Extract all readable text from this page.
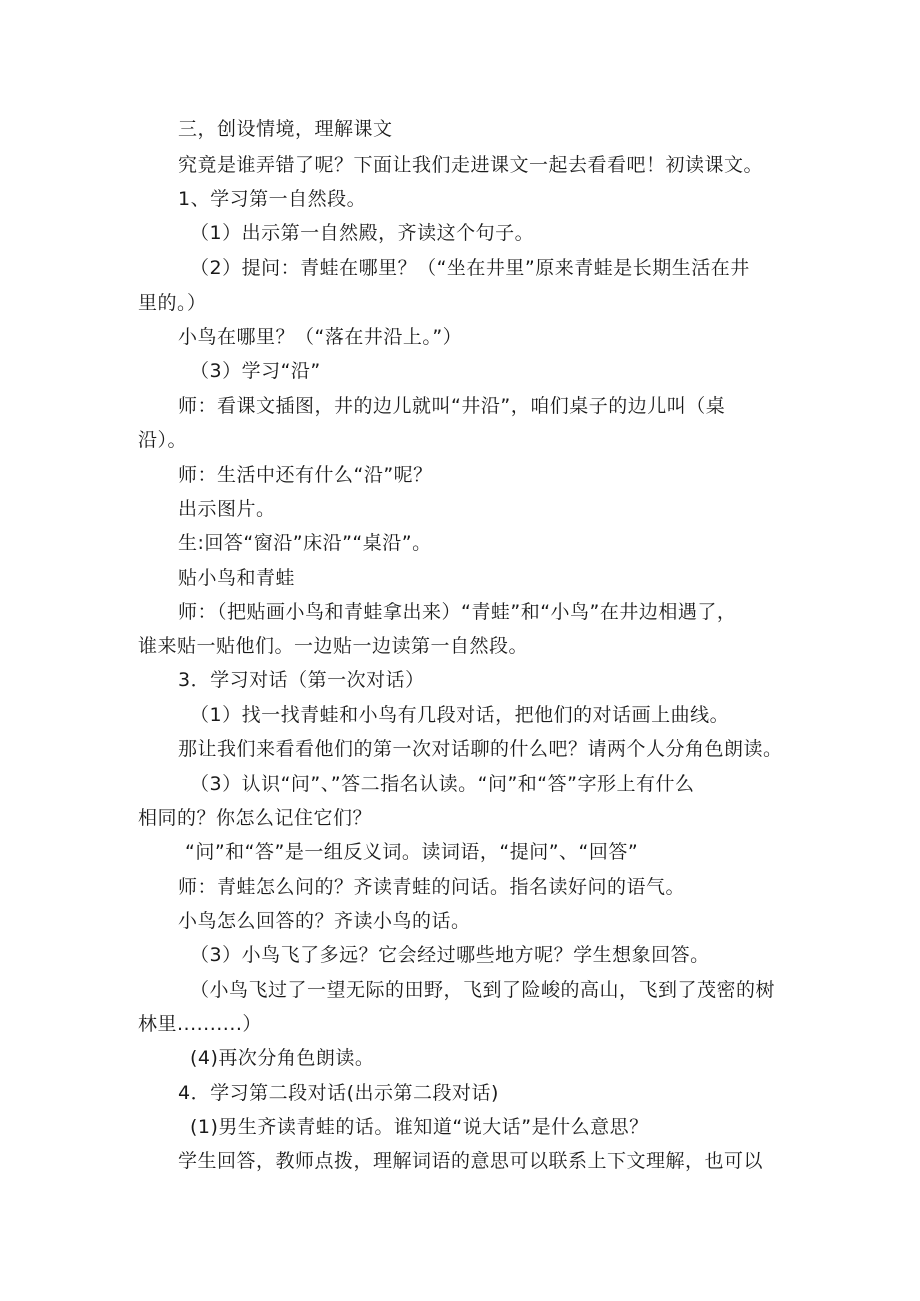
三，创设情境，理解课文
究竟是谁弄错了呢？下面让我们走进课文一起去看看吧！初读课文。
1、学习第一自然段。
（1）出示第一自然殿，齐读这个句子。
（2）提问：青蛙在哪里？（“坐在井里”原来青蛙是长期生活在井
里的。）
小鸟在哪里？（“落在井沿上。”）
（3）学习“沿”
师：看课文插图，井的边儿就叫“井沿”，咱们桌子的边儿叫（桌
沿）。
师：生活中还有什么“沿”呢？
出示图片。
生:回答“窗沿”床沿”“桌沿”。
贴小鸟和青蛙
师：（把贴画小鸟和青蛙拿出来）“青蛙”和“小鸟”在井边相遇了，
谁来贴一贴他们。一边贴一边读第一自然段。
3．学习对话（第一次对话）
（1）找一找青蛙和小鸟有几段对话，把他们的对话画上曲线。
那让我们来看看他们的第一次对话聊的什么吧？请两个人分角色朗读。
（3）认识“问”、”答二指名认读。“问”和“答”字形上有什么
相同的？你怎么记住它们？
“问”和“答”是一组反义词。读词语，“提问”、“回答”
师：青蛙怎么问的？齐读青蛙的问话。指名读好问的语气。
小鸟怎么回答的？齐读小鸟的话。
（3）小鸟飞了多远？它会经过哪些地方呢？学生想象回答。
（小鸟飞过了一望无际的田野，飞到了险峻的高山，飞到了茂密的树
林里..........）
(4)再次分角色朗读。
4．学习第二段对话(出示第二段对话)
(1)男生齐读青蛙的话。谁知道“说大话”是什么意思？
学生回答，教师点拨，理解词语的意思可以联系上下文理解，也可以
